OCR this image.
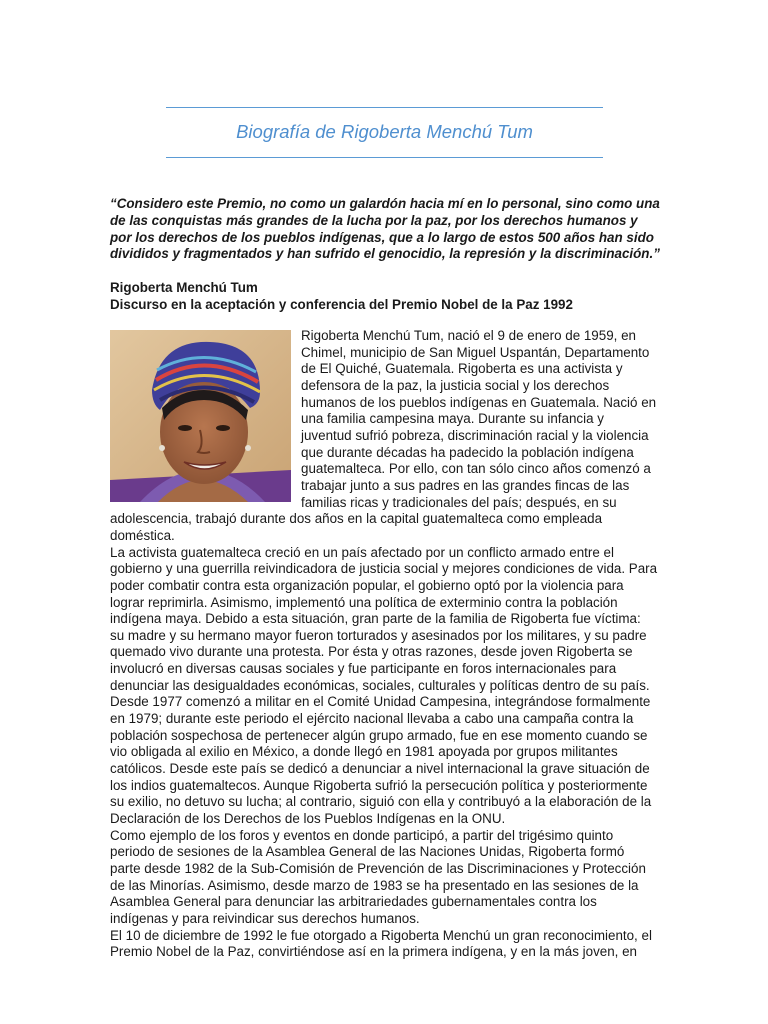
Biografía de Rigoberta Menchú Tum

“Considero este Premio, no como un galardón hacia mí en lo personal, sino como una de las conquistas más grandes de la lucha por la paz, por los derechos humanos y por los derechos de los pueblos indígenas, que a lo largo de estos 500 años han sido divididos y fragmentados y han sufrido el genocidio, la represión y la discriminación.”

Rigoberta Menchú Tum
Discurso en la aceptación y conferencia del Premio Nobel de la Paz 1992

Rigoberta Menchú Tum, nació el 9 de enero de 1959, en Chimel, municipio de San Miguel Uspantán, Departamento de El Quiché, Guatemala. Rigoberta es una activista y defensora de la paz, la justicia social y los derechos humanos de los pueblos indígenas en Guatemala. Nació en una familia campesina maya. Durante su infancia y juventud sufrió pobreza, discriminación racial y la violencia que durante décadas ha padecido la población indígena guatemalteca. Por ello, con tan sólo cinco años comenzó a trabajar junto a sus padres en las grandes fincas de las familias ricas y tradicionales del país; después, en su adolescencia, trabajó durante dos años en la capital guatemalteca como empleada doméstica.

La activista guatemalteca creció en un país afectado por un conflicto armado entre el gobierno y una guerrilla reivindicadora de justicia social y mejores condiciones de vida. Para poder combatir contra esta organización popular, el gobierno optó por la violencia para lograr reprimirla. Asimismo, implementó una política de exterminio contra la población indígena maya. Debido a esta situación, gran parte de la familia de Rigoberta fue víctima: su madre y su hermano mayor fueron torturados y asesinados por los militares, y su padre quemado vivo durante una protesta. Por ésta y otras razones, desde joven Rigoberta se involucró en diversas causas sociales y fue participante en foros internacionales para denunciar las desigualdades económicas, sociales, culturales y políticas dentro de su país. Desde 1977 comenzó a militar en el Comité Unidad Campesina, integrándose formalmente en 1979; durante este periodo el ejército nacional llevaba a cabo una campaña contra la población sospechosa de pertenecer algún grupo armado, fue en ese momento cuando se vio obligada al exilio en México, a donde llegó en 1981 apoyada por grupos militantes católicos. Desde este país se dedicó a denunciar a nivel internacional la grave situación de los indios guatemaltecos. Aunque Rigoberta sufrió la persecución política y posteriormente su exilio, no detuvo su lucha; al contrario, siguió con ella y contribuyó a la elaboración de la Declaración de los Derechos de los Pueblos Indígenas en la ONU.

Como ejemplo de los foros y eventos en donde participó, a partir del trigésimo quinto periodo de sesiones de la Asamblea General de las Naciones Unidas, Rigoberta formó parte desde 1982 de la Sub-Comisión de Prevención de las Discriminaciones y Protección de las Minorías. Asimismo, desde marzo de 1983 se ha presentado en las sesiones de la Asamblea General para denunciar las arbitrariedades gubernamentales contra los indígenas y para reivindicar sus derechos humanos.

El 10 de diciembre de 1992 le fue otorgado a Rigoberta Menchú un gran reconocimiento, el Premio Nobel de la Paz, convirtiéndose así en la primera indígena, y en la más joven, en
